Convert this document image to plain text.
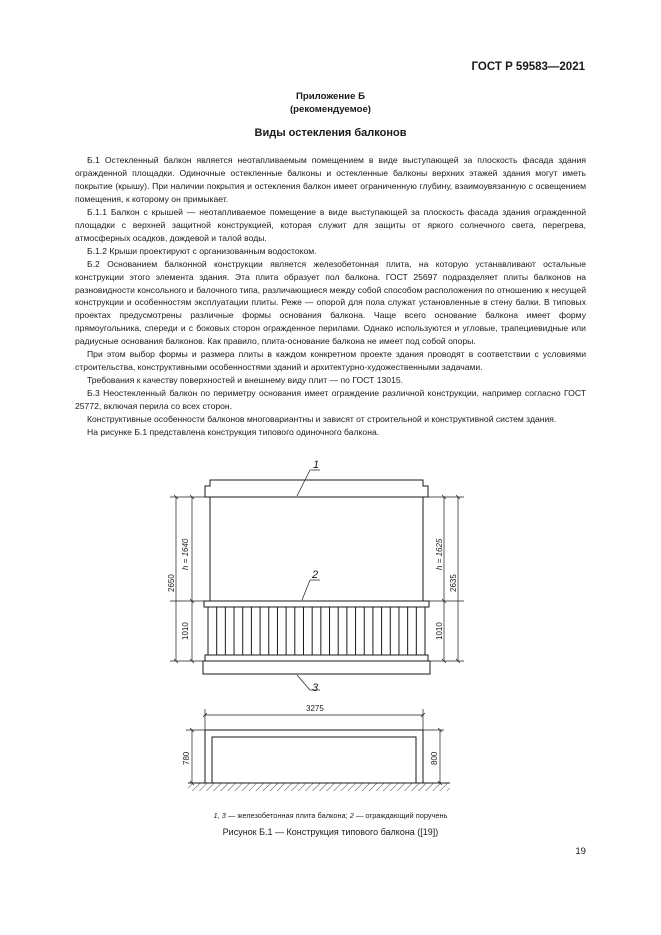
ГОСТ Р 59583—2021
Приложение Б
(рекомендуемое)
Виды остекления балконов

Б.1 Остекленный балкон является неотапливаемым помещением в виде выступающей за плоскость фасада здания огражденной площадки. Одиночные остекленные балконы и остекленные балконы верхних этажей здания могут иметь покрытие (крышу). При наличии покрытия и остекления балкон имеет ограниченную глубину, взаимоувязанную с освещением помещения, к которому он примыкает.

Б.1.1 Балкон с крышей — неотапливаемое помещение в виде выступающей за плоскость фасада здания огражденной площадки с верхней защитной конструкцией, которая служит для защиты от яркого солнечного света, перегрева, атмосферных осадков, дождевой и талой воды.

Б.1.2 Крыши проектируют с организованным водостоком.

Б.2 Основанием балконной конструкции является железобетонная плита, на которую устанавливают остальные конструкции этого элемента здания. Эта плита образует пол балкона. ГОСТ 25697 подразделяет плиты балконов на разновидности консольного и балочного типа, различающиеся между собой способом расположения по отношению к несущей конструкции и особенностям эксплуатации плиты. Реже — опорой для пола служат установленные в стену балки. В типовых проектах предусмотрены различные формы основания балкона. Чаще всего основание балкона имеет форму прямоугольника, спереди и с боковых сторон огражденное перилами. Однако используются и угловые, трапециевидные или радиусные основания балконов. Как правило, плита-основание балкона не имеет под собой опоры.

При этом выбор формы и размера плиты в каждом конкретном проекте здания проводят в соответствии с условиями строительства, конструктивными особенностями зданий и архитектурно-художественными задачами.

Требования к качеству поверхностей и внешнему виду плит — по ГОСТ 13015.

Б.3 Неостекленный балкон по периметру основания имеет ограждение различной конструкции, например согласно ГОСТ 25772, включая перила со всех сторон.

Конструктивные особенности балконов многовариантны и зависят от строительной и конструктивной систем здания.

На рисунке Б.1 представлена конструкция типового одиночного балкона.

2650
h = 1640
1010
2635
h = 1625
1010
1
2
3
3275
780	800
1, 3 — железобетонная плита балкона; 2 — ограждающий поручень
Рисунок Б.1 — Конструкция типового балкона ([19])
19
